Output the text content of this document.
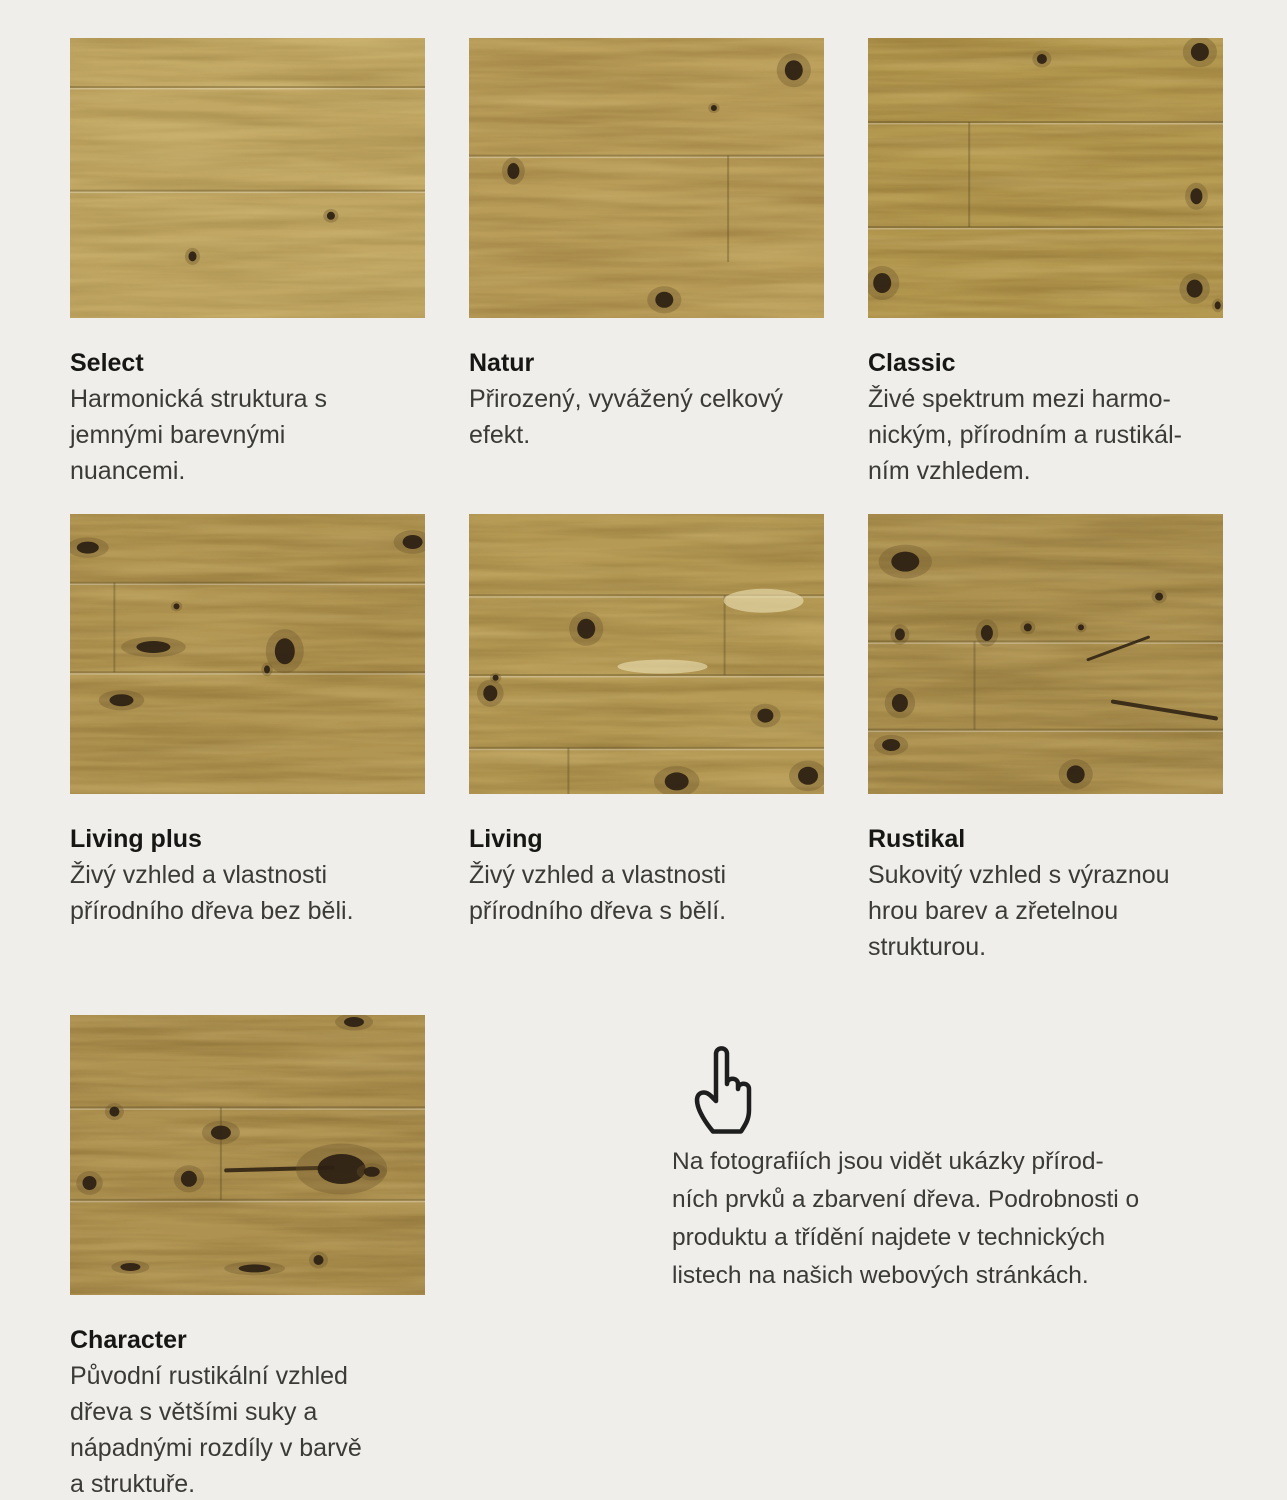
Select
Harmonická struktura s
jemnými barevnými
nuancemi.
Natur
Přirozený, vyvážený celkový
efekt.
Classic
Živé spektrum mezi harmo-
nickým, přírodním a rustikál-
ním vzhledem.
Living plus
Živý vzhled a vlastnosti
přírodního dřeva bez běli.
Living
Živý vzhled a vlastnosti
přírodního dřeva s bělí.
Rustikal
Sukovitý vzhled s výraznou
hrou barev a zřetelnou
strukturou.
Character
Původní rustikální vzhled
dřeva s většími suky a
nápadnými rozdíly v barvě
a struktuře.
Na fotografiích jsou vidět ukázky přírod-
ních prvků a zbarvení dřeva. Podrobnosti o
produktu a třídění najdete v technických
listech na našich webových stránkách.
